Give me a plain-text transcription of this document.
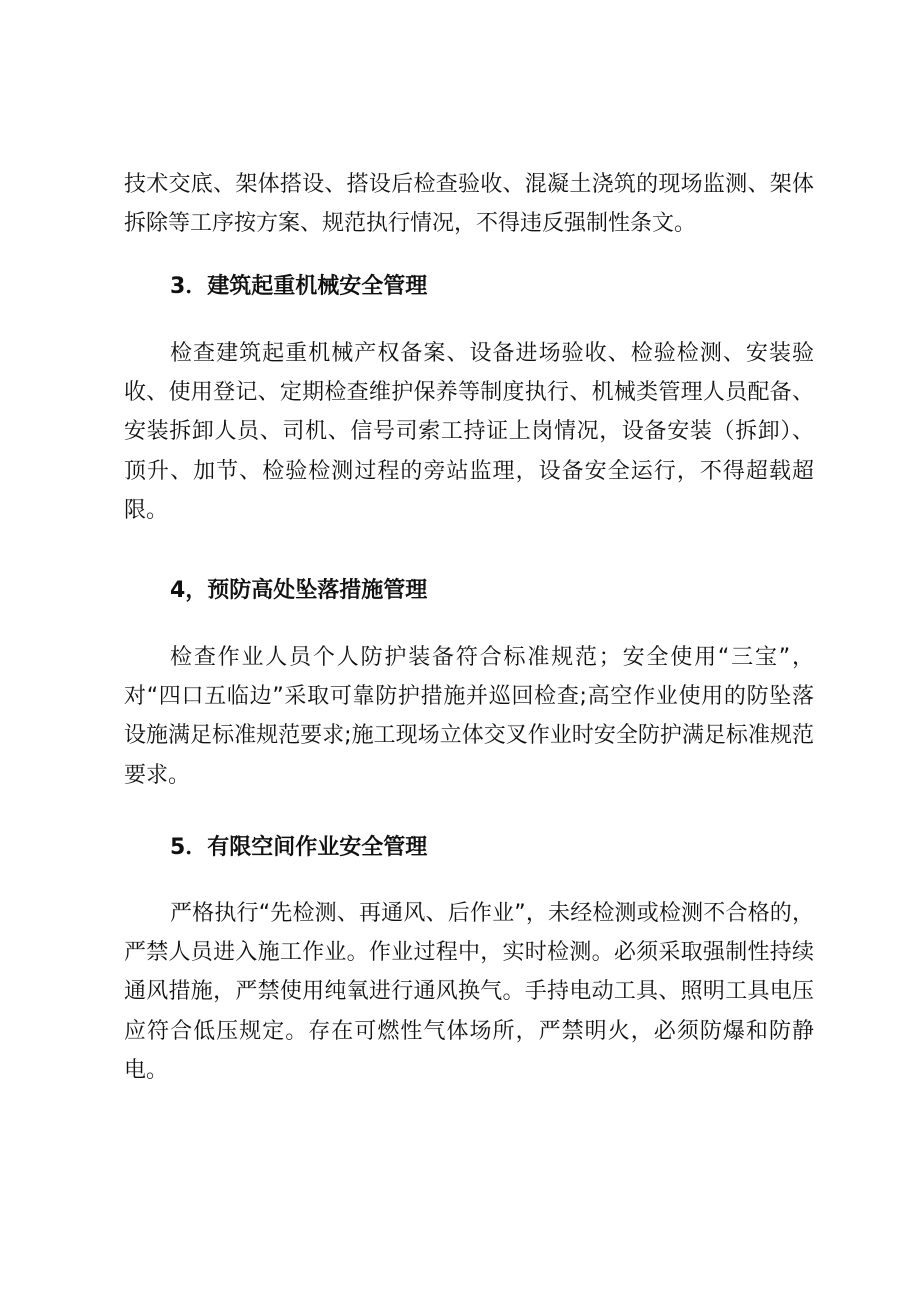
技术交底、架体搭设、搭设后检查验收、混凝土浇筑的现场监测、架体拆除等工序按方案、规范执行情况，不得违反强制性条文。

3．建筑起重机械安全管理

检查建筑起重机械产权备案、设备进场验收、检验检测、安装验收、使用登记、定期检查维护保养等制度执行、机械类管理人员配备、安装拆卸人员、司机、信号司索工持证上岗情况，设备安装（拆卸）、顶升、加节、检验检测过程的旁站监理，设备安全运行，不得超载超限。

4，预防高处坠落措施管理

检查作业人员个人防护装备符合标准规范；安全使用“三宝”，对“四口五临边”采取可靠防护措施并巡回检查;高空作业使用的防坠落设施满足标准规范要求;施工现场立体交叉作业时安全防护满足标准规范要求。

5．有限空间作业安全管理

严格执行“先检测、再通风、后作业”，未经检测或检测不合格的，严禁人员进入施工作业。作业过程中，实时检测。必须采取强制性持续通风措施，严禁使用纯氧进行通风换气。手持电动工具、照明工具电压应符合低压规定。存在可燃性气体场所，严禁明火，必须防爆和防静电。
